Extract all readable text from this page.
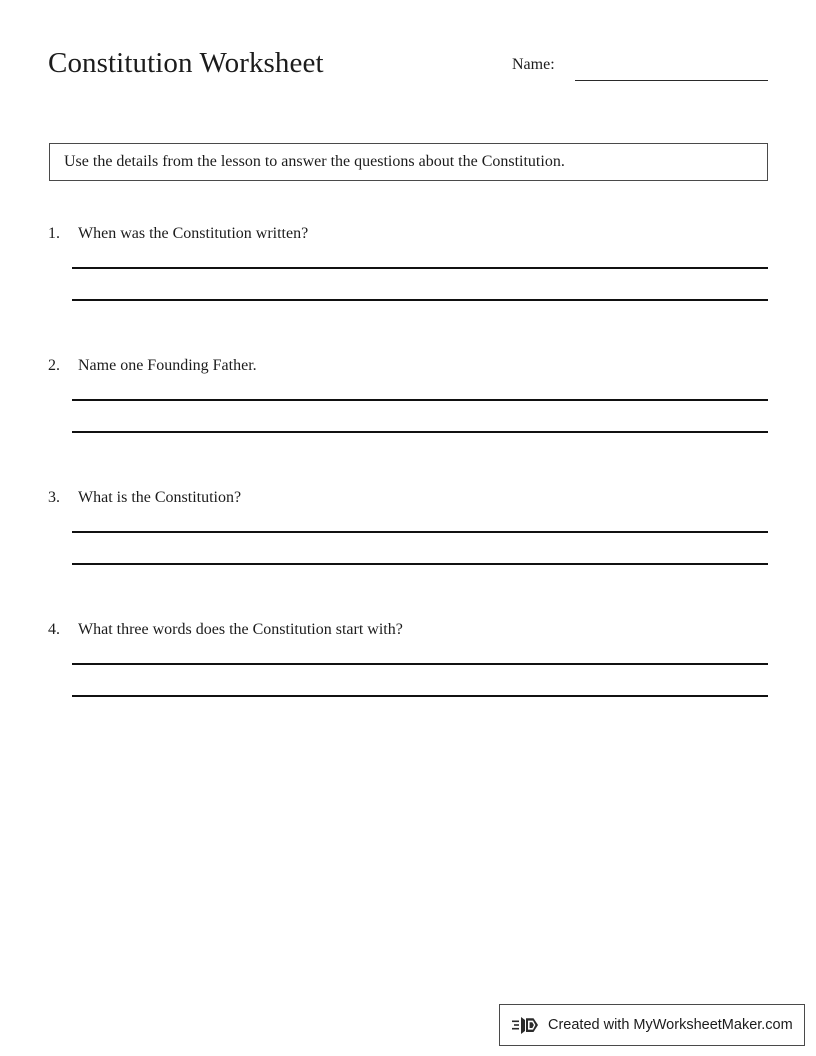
Constitution Worksheet	Name:
Use the details from the lesson to answer the questions about the Constitution.
1.	When was the Constitution written?
2.	Name one Founding Father.
3.	What is the Constitution?
4.	What three words does the Constitution start with?
Created with MyWorksheetMaker.com
